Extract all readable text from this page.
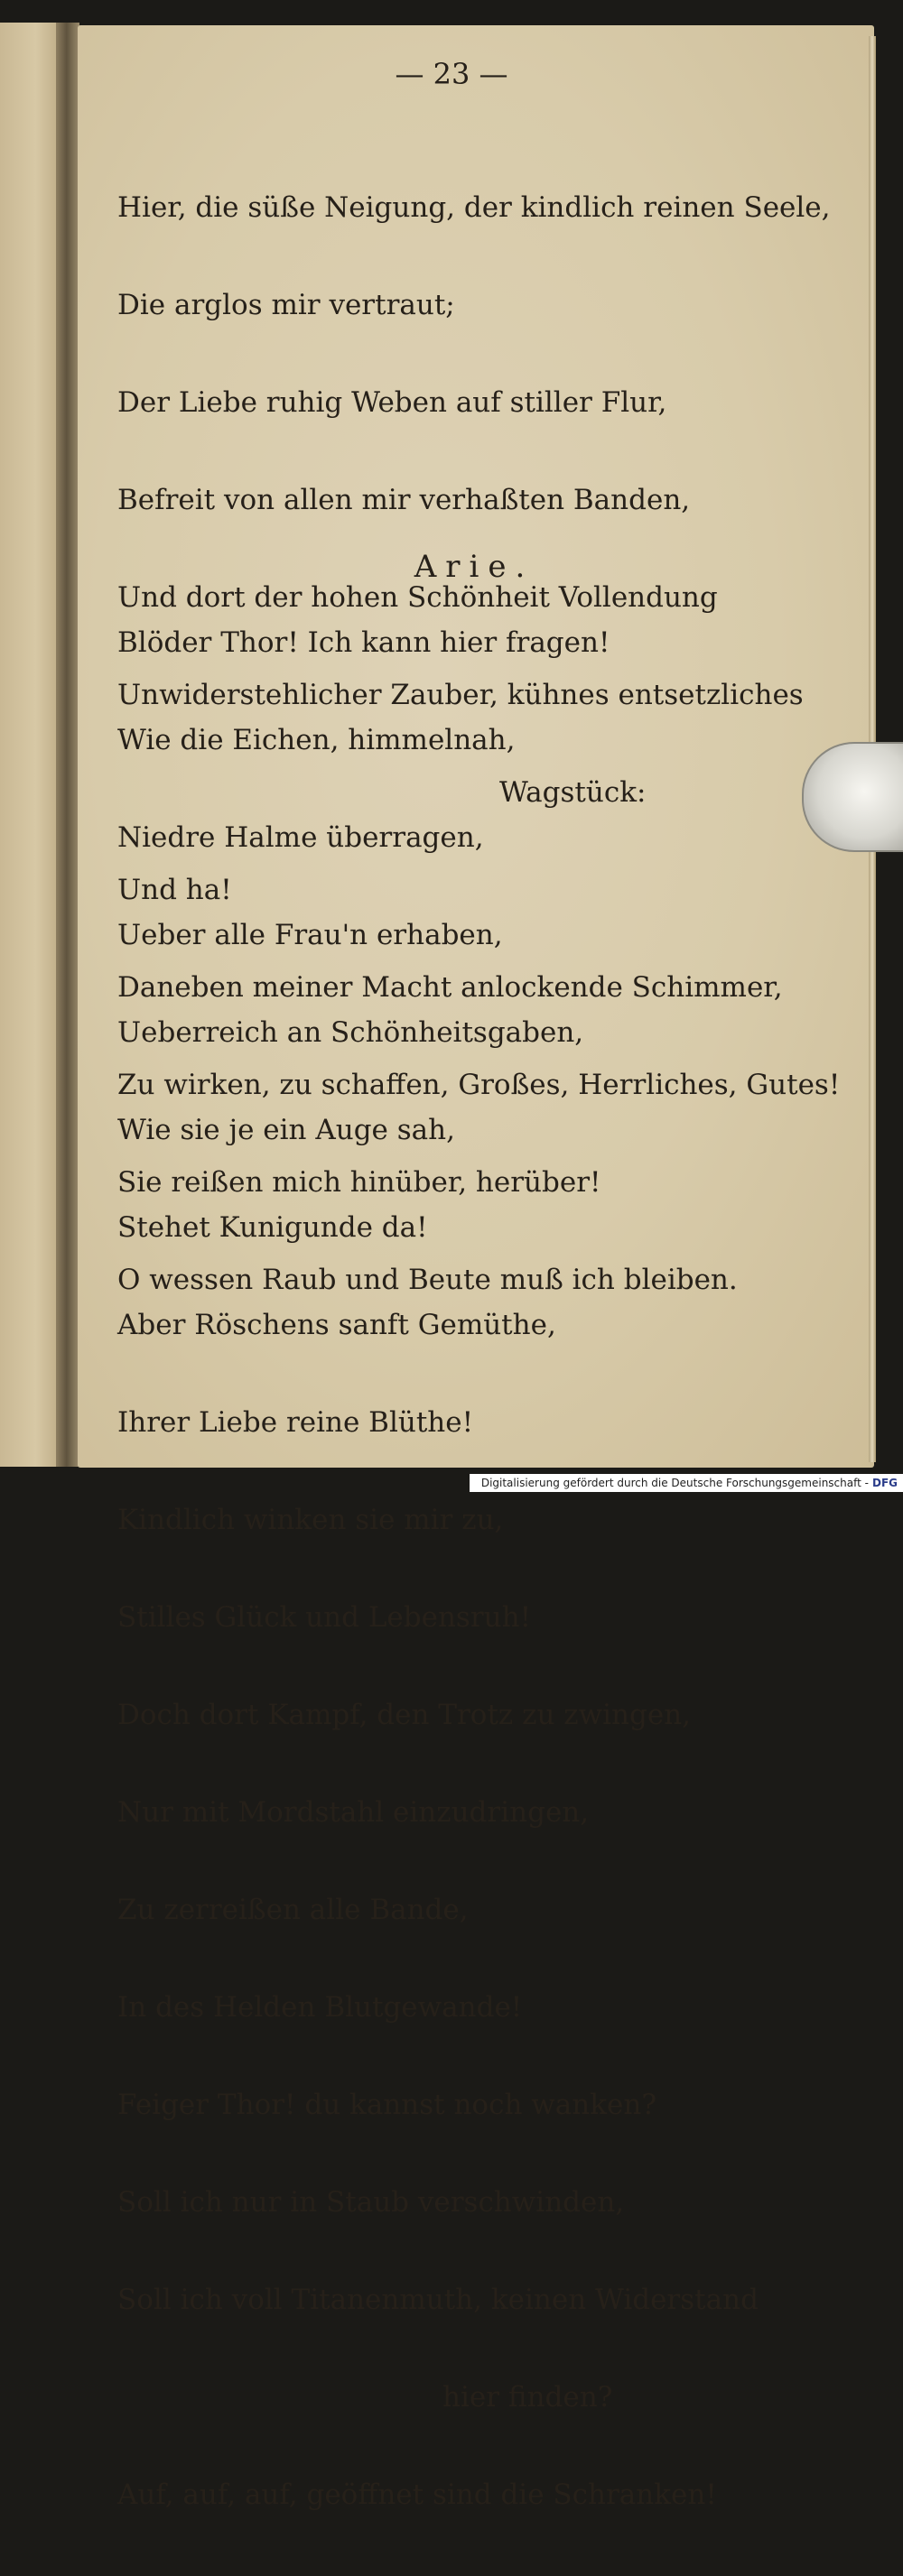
— 23 —

Hier, die süße Neigung, der kindlich reinen Seele,

Die arglos mir vertraut;

Der Liebe ruhig Weben auf stiller Flur,

Befreit von allen mir verhaßten Banden,

Und dort der hohen Schönheit Vollendung

Unwiderstehlicher Zauber, kühnes entsetzliches

Wagstück:

Und ha!

Daneben meiner Macht anlockende Schimmer,

Zu wirken, zu schaffen, Großes, Herrliches, Gutes!

Sie reißen mich hinüber, herüber!

O wessen Raub und Beute muß ich bleiben.

Arie.

Blöder Thor! Ich kann hier fragen!

Wie die Eichen, himmelnah,

Niedre Halme überragen,

Ueber alle Frau'n erhaben,

Ueberreich an Schönheitsgaben,

Wie sie je ein Auge sah,

Stehet Kunigunde da!

Aber Röschens sanft Gemüthe,

Ihrer Liebe reine Blüthe!

Kindlich winken sie mir zu,

Stilles Glück und Lebensruh!

Doch dort Kampf, den Trotz zu zwingen,

Nur mit Mordstahl einzudringen,

Zu zerreißen alle Bande,

In des Helden Blutgewande!

Feiger Thor! du kannst noch wanken?

Soll ich nur in Staub verschwinden,

Soll ich voll Titanenmuth, keinen Widerstand

hier finden?

Auf, auf, auf, geöffnet sind die Schranken!

Digitalisierung gefördert durch die Deutsche Forschungsgemeinschaft - DFG
